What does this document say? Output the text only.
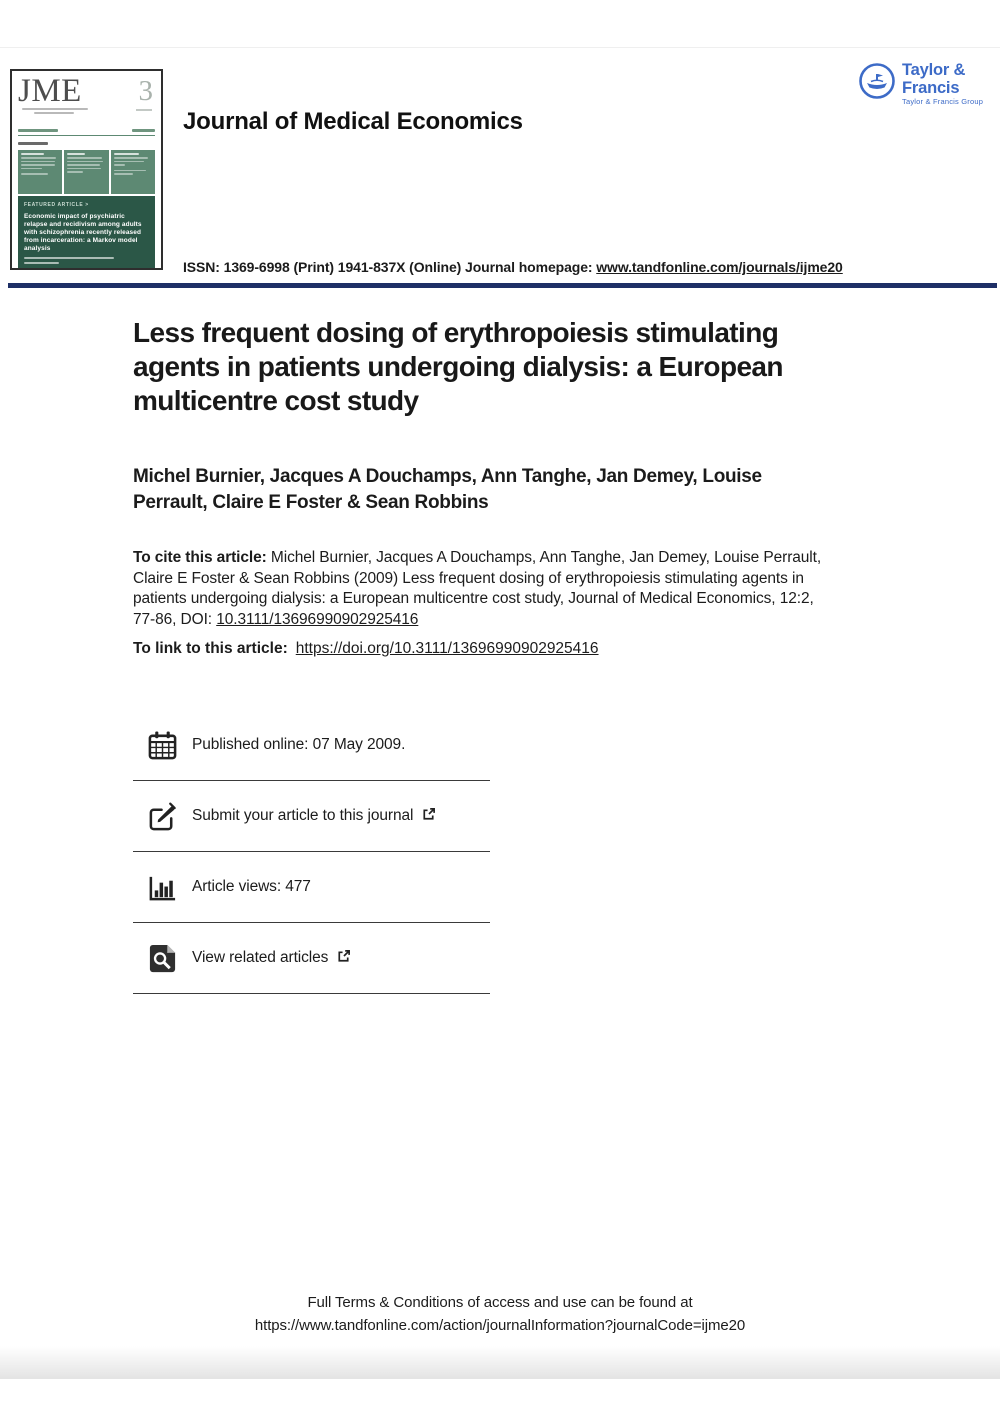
JME 3
FEATURED ARTICLE >
Economic impact of psychiatric relapse and recidivism among adults with schizophrenia recently released from incarceration: a Markov model analysis
Journal of Medical Economics
Taylor & Francis
Taylor & Francis Group
ISSN: 1369-6998 (Print) 1941-837X (Online) Journal homepage: www.tandfonline.com/journals/ijme20
Less frequent dosing of erythropoiesis stimulating
agents in patients undergoing dialysis: a European
multicentre cost study
Michel Burnier, Jacques A Douchamps, Ann Tanghe, Jan Demey, Louise
Perrault, Claire E Foster & Sean Robbins

To cite this article: Michel Burnier, Jacques A Douchamps, Ann Tanghe, Jan Demey, Louise Perrault, Claire E Foster & Sean Robbins (2009) Less frequent dosing of erythropoiesis stimulating agents in patients undergoing dialysis: a European multicentre cost study, Journal of Medical Economics, 12:2, 77-86, DOI: 10.3111/13696990902925416

To link to this article: https://doi.org/10.3111/13696990902925416

Published online: 07 May 2009.
Submit your article to this journal
Article views: 477
View related articles
Full Terms & Conditions of access and use can be found at
https://www.tandfonline.com/action/journalInformation?journalCode=ijme20
